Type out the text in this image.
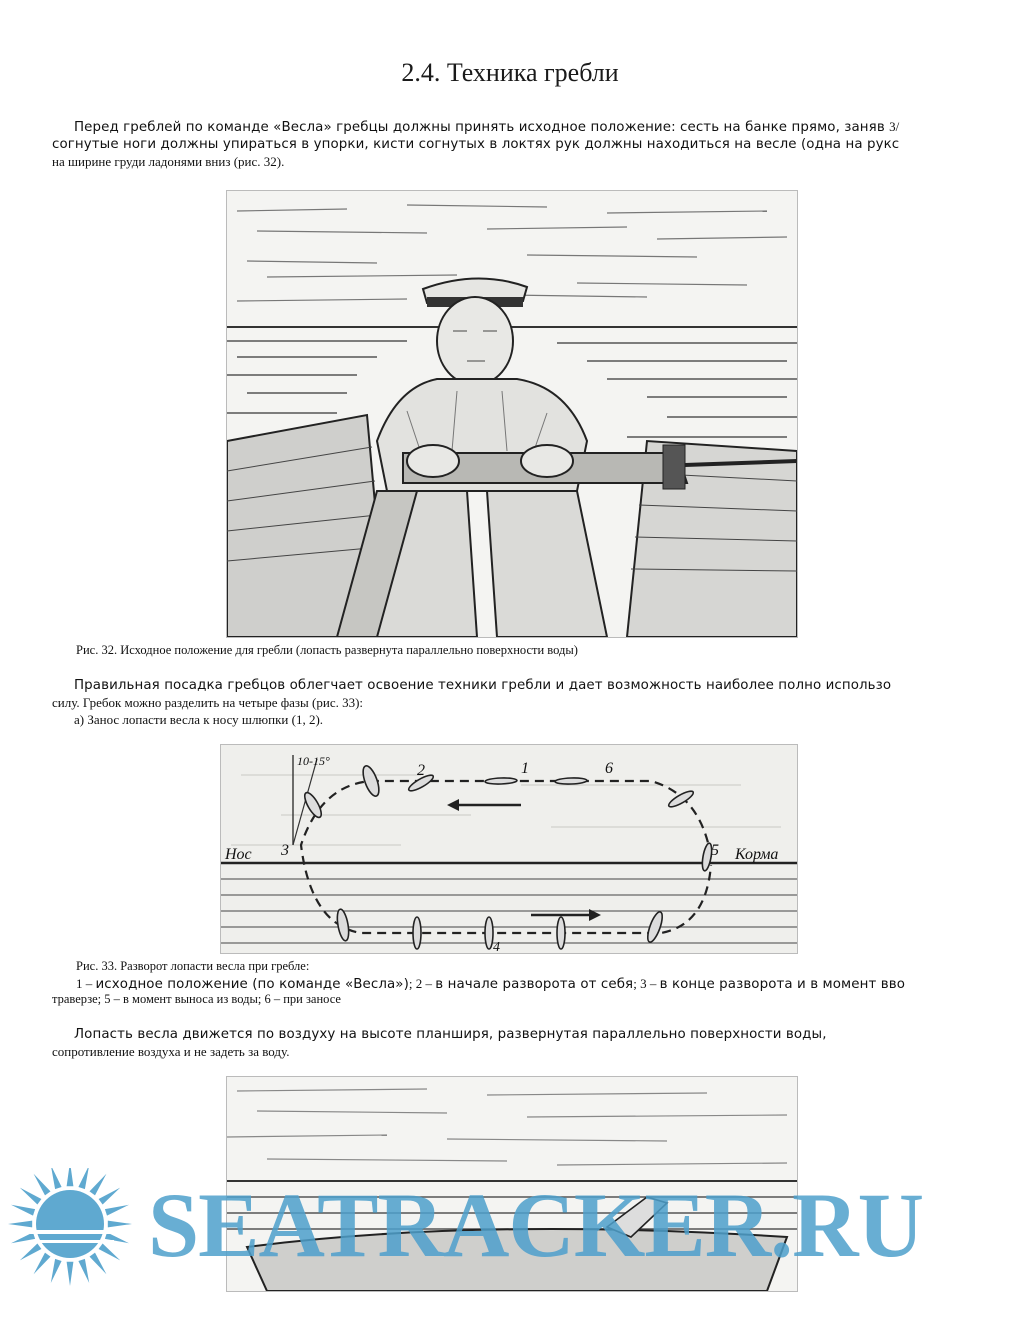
2.4. Техника гребли
Перед греблей по команде «Весла» гребцы должны принять исходное положение: сесть на банке прямо, заняв 3/
согнутые ноги должны упираться в упорки, кисти согнутых в локтях рук должны находиться на весле (одна на рукс
на ширине груди ладонями вниз (рис. 32).
Рис. 32. Исходное положение для гребли (лопасть развернута параллельно поверхности воды)
Правильная посадка гребцов облегчает освоение техники гребли и дает возможность наиболее полно использо
силу. Гребок можно разделить на четыре фазы (рис. 33):
а) Занос лопасти весла к носу шлюпки (1, 2).
10-15°
Нос	Корма
1
2
3
4
5
6
Рис. 33. Разворот лопасти весла при гребле:
1 – исходное положение (по команде «Весла»); 2 – в начале разворота от себя; 3 – в конце разворота и в момент вво
траверзе; 5 – в момент выноса из воды; 6 – при заносе
Лопасть весла движется по воздуху на высоте планширя, развернутая параллельно поверхности воды,
сопротивление воздуха и не задеть за воду.
SEATRACKER.RU
